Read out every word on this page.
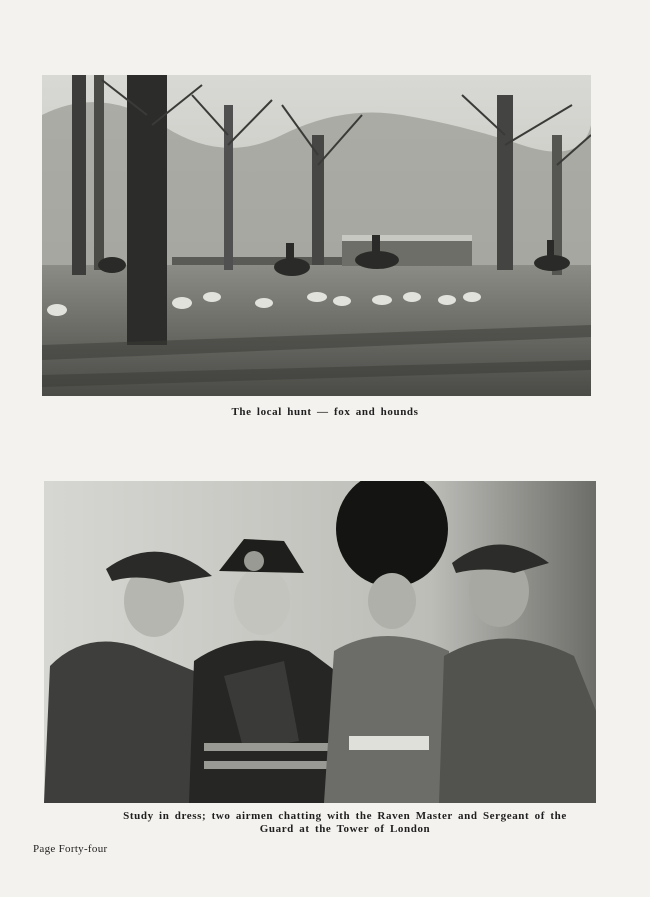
The local hunt — fox and hounds
Study in dress; two airmen chatting with the Raven Master and Sergeant of the
Guard at the Tower of London
Page Forty-four
